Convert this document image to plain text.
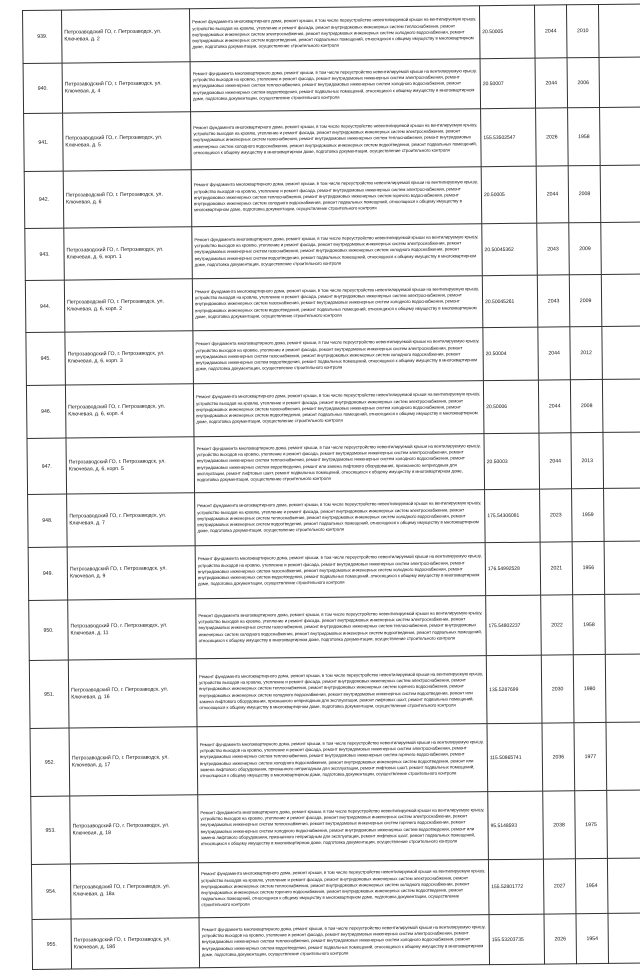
939.	Петрозаводский ГО, г. Петрозаводск, ул. Ключевая, д. 2	Ремонт фундамента многоквартирного дома, ремонт крыши, в том числе переустройство невентилируемой крыши на вентилируемую крышу, устройство выходов на кровлю, утепление и ремонт фасада, ремонт внутридомовых инженерных систем теплоснабжения, ремонт внутридомовых инженерных систем электроснабжения, ремонт внутридомовых инженерных систем холодного водоснабжения, ремонт внутридомовых инженерных систем водоотведения, ремонт подвальных помещений, относящихся к общему имуществу в многоквартирном доме, подготовка документации, осуществление строительного контроля	20.50005	2044	2010	
940.	Петрозаводский ГО, г. Петрозаводск, ул. Ключевая, д. 4	Ремонт фундамента многоквартирного дома, ремонт крыши, в том числе переустройство невентилируемой крыши на вентилируемую крышу, устройство выходов на кровлю, утепление и ремонт фасада, ремонт внутридомовых инженерных систем электроснабжения, ремонт внутридомовых инженерных систем теплоснабжения, ремонт внутридомовых инженерных систем холодного водоснабжения, ремонт внутридомовых инженерных систем водоотведения, ремонт подвальных помещений, относящихся к общему имуществу в многоквартирном доме, подготовка документации, осуществление строительного контроля	20.50007	2044	2006	
941.	Петрозаводский ГО, г. Петрозаводск, ул. Ключевая, д. 5	Ремонт фундамента многоквартирного дома, ремонт крыши, в том числе переустройство невентилируемой крыши на вентилируемую крышу, устройство выходов на кровлю, утепление и ремонт фасада, ремонт внутридомовых инженерных систем электроснабжения, ремонт внутридомовых инженерных систем газоснабжения, ремонт внутридомовых инженерных систем теплоснабжения, ремонт внутридомовых инженерных систем холодного водоснабжения, ремонт внутридомовых инженерных систем водоотведения, ремонт подвальных помещений, относящихся к общему имуществу в многоквартирном доме, подготовка документации, осуществление строительного контроля	155.53502547	2026	1958	
942.	Петрозаводский ГО, г. Петрозаводск, ул. Ключевая, д. 6	Ремонт фундамента многоквартирного дома, ремонт крыши, в том числе переустройство невентилируемой крыши на вентилируемую крышу, устройство выходов на кровлю, утепление и ремонт фасада, ремонт внутридомовых инженерных систем электроснабжения, ремонт внутридомовых инженерных систем теплоснабжения, ремонт внутридомовых инженерных систем горячего водоснабжения, ремонт внутридомовых инженерных систем холодного водоснабжения, ремонт подвальных помещений, относящихся к общему имуществу в многоквартирном доме, подготовка документации, осуществление строительного контроля	20.50005	2044	2008	
943.	Петрозаводский ГО, г. Петрозаводск, ул. Ключевая, д. 6, корп. 1	Ремонт фундамента многоквартирного дома, ремонт крыши, в том числе переустройство невентилируемой крыши на вентилируемую крышу, устройство выходов на кровлю, утепление и ремонт фасада, ремонт внутридомовых инженерных систем электроснабжения, ремонт внутридомовых инженерных систем газоснабжения, ремонт внутридомовых инженерных систем холодного водоснабжения, ремонт внутридомовых инженерных систем водоотведения, ремонт подвальных помещений, относящихся к общему имуществу в многоквартирном доме, подготовка документации, осуществление строительного контроля	20.50045362	2043	2009	
944.	Петрозаводский ГО, г. Петрозаводск, ул. Ключевая, д. 6, корп. 2	Ремонт фундамента многоквартирного дома, ремонт крыши, в том числе переустройство невентилируемой крыши на вентилируемую крышу, устройство выходов на кровлю, утепление и ремонт фасада, ремонт внутридомовых инженерных систем электроснабжения, ремонт внутридомовых инженерных систем газоснабжения, ремонт внутридомовых инженерных систем холодного водоснабжения, ремонт внутридомовых инженерных систем водоотведения, ремонт подвальных помещений, относящихся к общему имуществу в многоквартирном доме, подготовка документации, осуществление строительного контроля	20.50045261	2043	2009	
945.	Петрозаводский ГО, г. Петрозаводск, ул. Ключевая, д. 6, корп. 3	Ремонт фундамента многоквартирного дома, ремонт крыши, в том числе переустройство невентилируемой крыши на вентилируемую крышу, устройство выходов на кровлю, утепление и ремонт фасада, ремонт внутридомовых инженерных систем электроснабжения, ремонт внутридомовых инженерных систем газоснабжения, ремонт внутридомовых инженерных систем холодного водоснабжения, ремонт внутридомовых инженерных систем водоотведения, ремонт подвальных помещений, относящихся к общему имуществу в многоквартирном доме, подготовка документации, осуществление строительного контроля	20.50004	2044	2012	
946.	Петрозаводский ГО, г. Петрозаводск, ул. Ключевая, д. 6, корп. 4	Ремонт фундамента многоквартирного дома, ремонт крыши, в том числе переустройство невентилируемой крыши на вентилируемую крышу, устройство выходов на кровлю, утепление и ремонт фасада, ремонт внутридомовых инженерных систем электроснабжения, ремонт внутридомовых инженерных систем газоснабжения, ремонт внутридомовых инженерных систем холодного водоснабжения, ремонт внутридомовых инженерных систем водоотведения, ремонт подвальных помещений, относящихся к общему имуществу в многоквартирном доме, подготовка документации, осуществление строительного контроля	20.50006	2044	2008	
947.	Петрозаводский ГО, г. Петрозаводск, ул. Ключевая, д. 6, корп. 5	Ремонт фундамента многоквартирного дома, ремонт крыши, в том числе переустройство невентилируемой крыши на вентилируемую крышу, устройство выходов на кровлю, утепление и ремонт фасада, ремонт внутридомовых инженерных систем электроснабжения, ремонт внутридомовых инженерных систем теплоснабжения, ремонт внутридомовых инженерных систем холодного водоснабжения, ремонт внутридомовых инженерных систем водоотведения, ремонт или замена лифтового оборудования, признанного непригодным для эксплуатации, ремонт лифтовых шахт, ремонт подвальных помещений, относящихся к общему имуществу в многоквартирном доме, подготовка документации, осуществление строительного контроля	20.50003	2044	2013	
948.	Петрозаводский ГО, г. Петрозаводск, ул. Ключевая, д. 7	Ремонт фундамента многоквартирного дома, ремонт крыши, в том числе переустройство невентилируемой крыши на вентилируемую крышу, устройство выходов на кровлю, утепление и ремонт фасада, ремонт внутридомовых инженерных систем электроснабжения, ремонт внутридомовых инженерных систем теплоснабжения, ремонт внутридомовых инженерных систем холодного водоснабжения, ремонт внутридомовых инженерных систем водоотведения, ремонт подвальных помещений, относящихся к общему имуществу в многоквартирном доме, подготовка документации, осуществление строительного контроля	175.54306081	2023	1959	
949.	Петрозаводский ГО, г. Петрозаводск, ул. Ключевая, д. 9	Ремонт фундамента многоквартирного дома, ремонт крыши, в том числе переустройство невентилируемой крыши на вентилируемую крышу, устройство выходов на кровлю, утепление и ремонт фасада, ремонт внутридомовых инженерных систем электроснабжения, ремонт внутридомовых инженерных систем газоснабжения, ремонт внутридомовых инженерных систем холодного водоснабжения, ремонт внутридомовых инженерных систем водоотведения, ремонт подвальных помещений, относящихся к общему имуществу в многоквартирном доме, подготовка документации, осуществление строительного контроля	176.54992528	2021	1956	
950.	Петрозаводский ГО, г. Петрозаводск, ул. Ключевая, д. 11	Ремонт фундамента многоквартирного дома, ремонт крыши, в том числе переустройство невентилируемой крыши на вентилируемую крышу, устройство выходов на кровлю, утепление и ремонт фасада, ремонт внутридомовых инженерных систем электроснабжения, ремонт внутридомовых инженерных систем газоснабжения, ремонт внутридомовых инженерных систем теплоснабжения, ремонт внутридомовых инженерных систем холодного водоснабжения, ремонт внутридомовых инженерных систем водоотведения, ремонт подвальных помещений, относящихся к общему имуществу в многоквартирном доме, подготовка документации, осуществление строительного контроля	175.54802237	2022	1958	
951.	Петрозаводский ГО, г. Петрозаводск, ул. Ключевая, д. 16	Ремонт фундамента многоквартирного дома, ремонт крыши, в том числе переустройство невентилируемой крыши на вентилируемую крышу, устройство выходов на кровлю, утепление и ремонт фасада, ремонт внутридомовых инженерных систем электроснабжения, ремонт внутридомовых инженерных систем теплоснабжения, ремонт внутридомовых инженерных систем горячего водоснабжения, ремонт внутридомовых инженерных систем холодного водоснабжения, ремонт внутридомовых инженерных систем водоотведения, ремонт или замена лифтового оборудования, признанного непригодным для эксплуатации, ремонт лифтовых шахт, ремонт подвальных помещений, относящихся к общему имуществу в многоквартирном доме, подготовка документации, осуществление строительного контроля	135.5287699	2030	1980	
952.	Петрозаводский ГО, г. Петрозаводск, ул. Ключевая, д. 17	Ремонт фундамента многоквартирного дома, ремонт крыши, в том числе переустройство невентилируемой крыши на вентилируемую крышу, устройство выходов на кровлю, утепление и ремонт фасада, ремонт внутридомовых инженерных систем электроснабжения, ремонт внутридомовых инженерных систем теплоснабжения, ремонт внутридомовых инженерных систем горячего водоснабжения, ремонт внутридомовых инженерных систем холодного водоснабжения, ремонт внутридомовых инженерных систем водоотведения, ремонт или замена лифтового оборудования, признанного непригодным для эксплуатации, ремонт лифтовых шахт, ремонт подвальных помещений, относящихся к общему имуществу в многоквартирном доме, подготовка документации, осуществление строительного контроля	115.50865741	2036	1977	
953.	Петрозаводский ГО, г. Петрозаводск, ул. Ключевая, д. 18	Ремонт фундамента многоквартирного дома, ремонт крыши, в том числе переустройство невентилируемой крыши на вентилируемую крышу, устройство выходов на кровлю, утепление и ремонт фасада, ремонт внутридомовых инженерных систем электроснабжения, ремонт внутридомовых инженерных систем теплоснабжения, ремонт внутридомовых инженерных систем горячего водоснабжения, ремонт внутридомовых инженерных систем холодного водоснабжения, ремонт внутридомовых инженерных систем водоотведения, ремонт или замена лифтового оборудования, признанного непригодным для эксплуатации, ремонт лифтовых шахт, ремонт подвальных помещений, относящихся к общему имуществу в многоквартирном доме, подготовка документации, осуществление строительного контроля	95.5148593	2038	1975	
954.	Петрозаводский ГО, г. Петрозаводск, ул. Ключевая, д. 18а	Ремонт фундамента многоквартирного дома, ремонт крыши, в том числе переустройство невентилируемой крыши на вентилируемую крышу, устройство выходов на кровлю, утепление и ремонт фасада, ремонт внутридомовых инженерных систем электроснабжения, ремонт внутридомовых инженерных систем теплоснабжения, ремонт внутридомовых инженерных систем холодного водоснабжения, ремонт внутридомовых инженерных систем горячего водоснабжения, ремонт внутридомовых инженерных систем водоотведения, ремонт подвальных помещений, относящихся к общему имуществу в многоквартирном доме, подготовка документации, осуществление строительного контроля	155.52801772	2027	1954	
955.	Петрозаводский ГО, г. Петрозаводск, ул. Ключевая, д. 18б	Ремонт фундамента многоквартирного дома, ремонт крыши, в том числе переустройство невентилируемой крыши на вентилируемую крышу, устройство выходов на кровлю, утепление и ремонт фасада, ремонт внутридомовых инженерных систем электроснабжения, ремонт внутридомовых инженерных систем теплоснабжения, ремонт внутридомовых инженерных систем холодного водоснабжения, ремонт внутридомовых инженерных систем водоотведения, ремонт подвальных помещений, относящихся к общему имуществу в многоквартирном доме, подготовка документации, осуществление строительного контроля	155.53203735	2026	1954	
